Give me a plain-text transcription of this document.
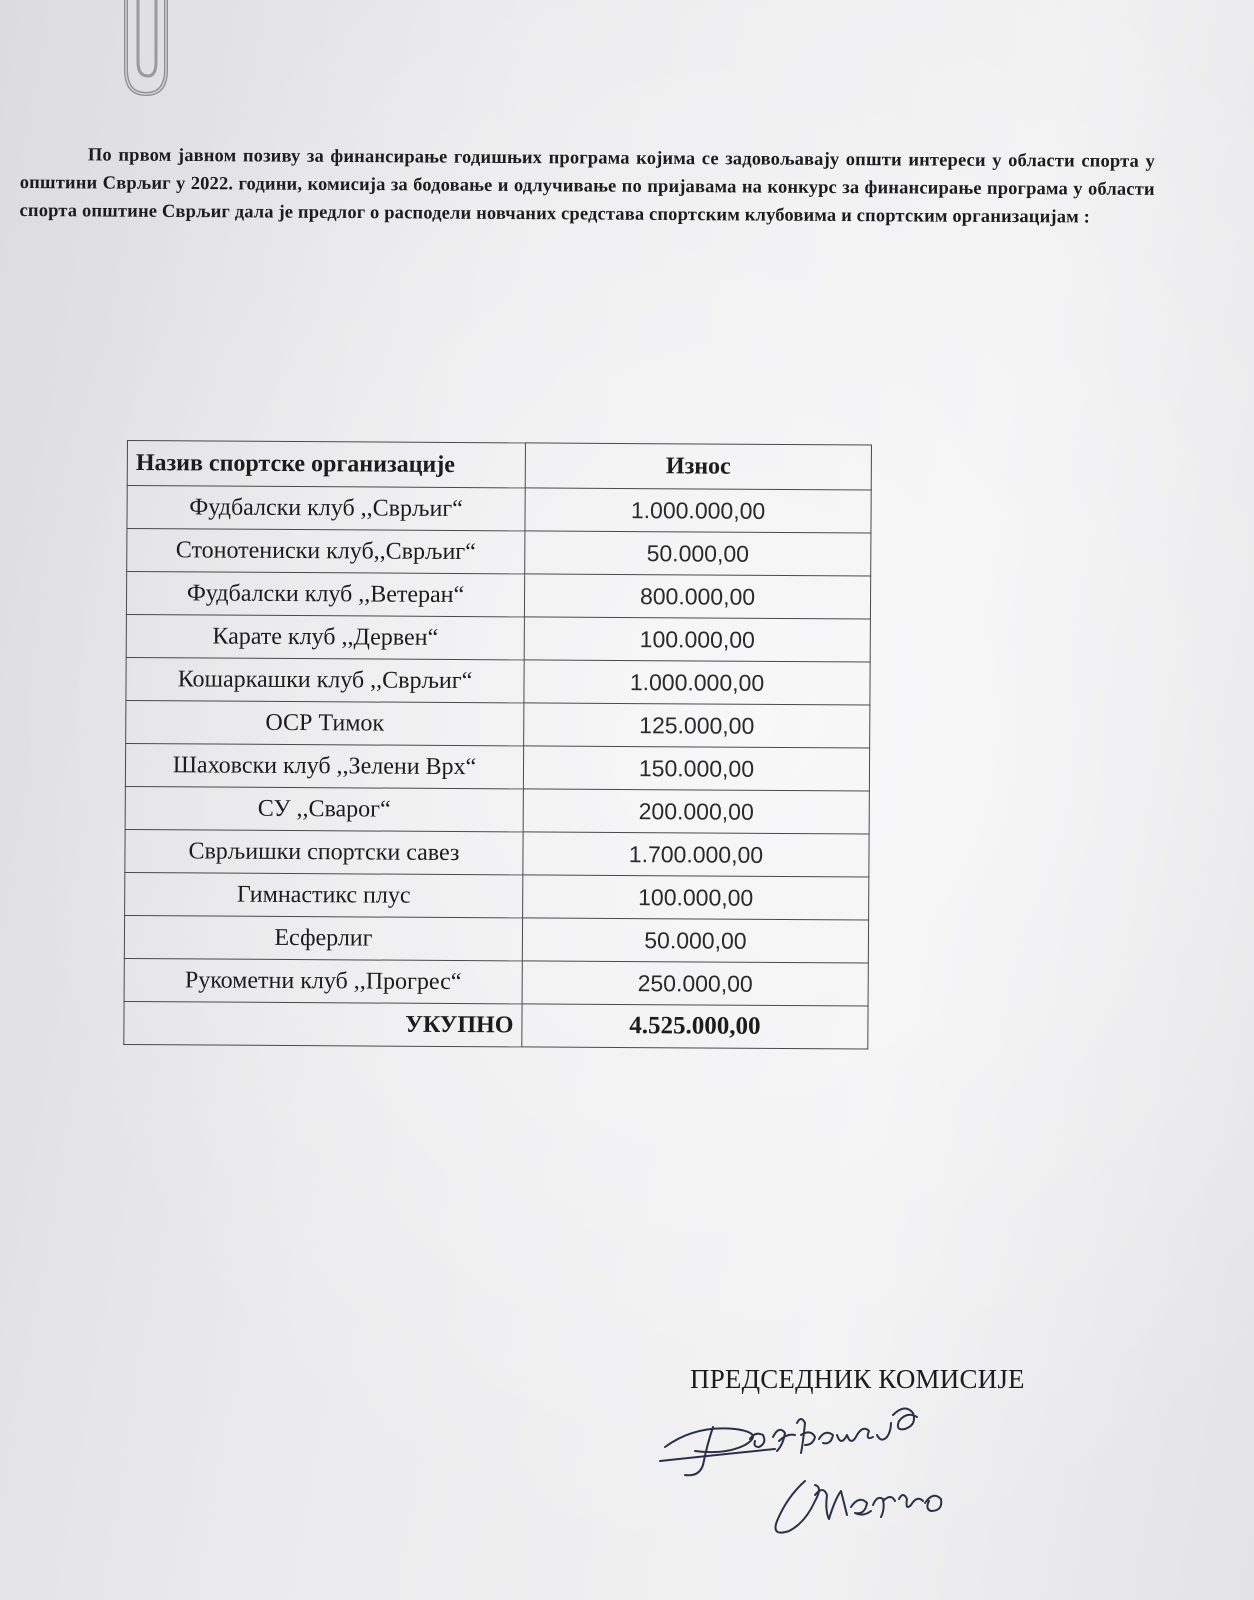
По првом јавном позиву за финансирање годишњих програма којима се задовољавају општи интереси у области спорта у општини Сврљиг у 2022. години, комисија за бодовање и одлучивање по пријавама на конкурс за финансирање програма у области спорта општине Сврљиг дала је предлог о расподели новчаних средстава спортским клубовима и спортским организацијам :

Назив спортске организације	Износ
Фудбалски клуб ,,Сврљиг“	1.000.000,00
Стонотениски клуб,,Сврљиг“	50.000,00
Фудбалски клуб ,,Ветеран“	800.000,00
Карате клуб ,,Дервен“	100.000,00
Кошаркашки клуб ,,Сврљиг“	1.000.000,00
ОСР Тимок	125.000,00
Шаховски клуб ,,Зелени Врх“	150.000,00
СУ ,,Сварог“	200.000,00
Сврљишки спортски савез	1.700.000,00
Гимнастикс плус	100.000,00
Есферлиг	50.000,00
Рукометни клуб ,,Прогрес“	250.000,00
УКУПНО	4.525.000,00
ПРЕДСЕДНИК КОМИСИЈЕ
